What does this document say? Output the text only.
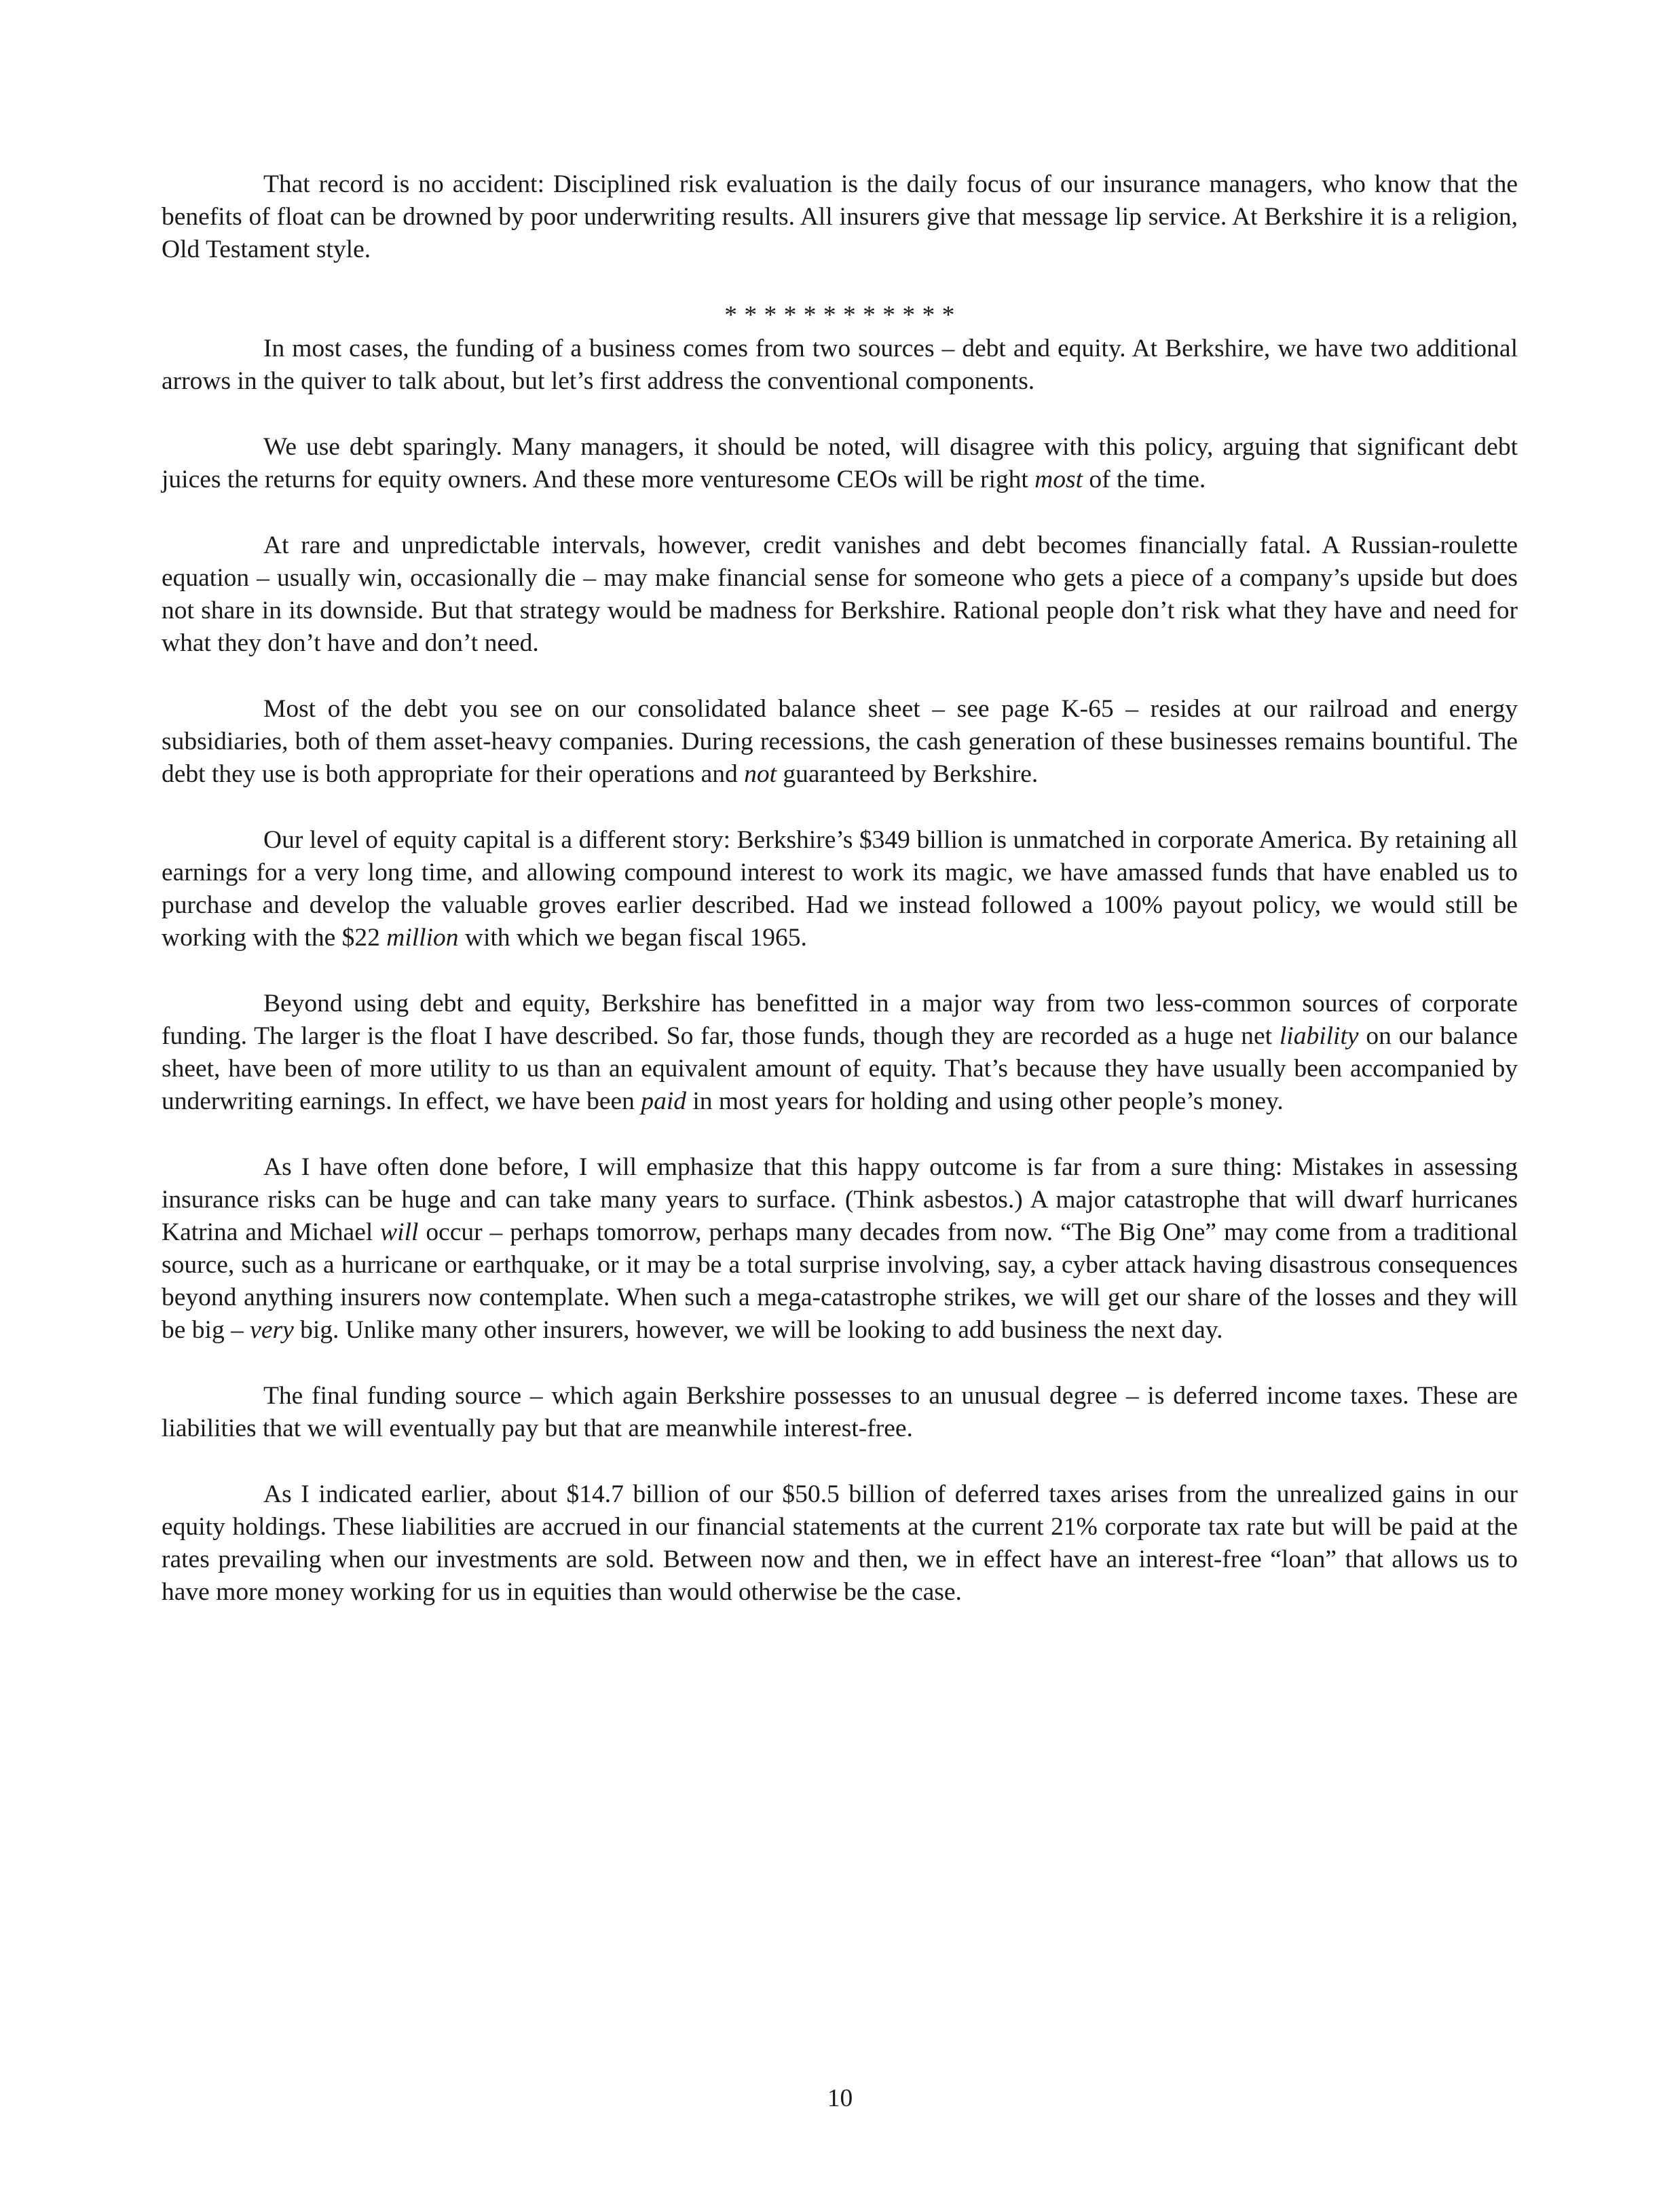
That record is no accident: Disciplined risk evaluation is the daily focus of our insurance managers, who know that the benefits of float can be drowned by poor underwriting results. All insurers give that message lip service. At Berkshire it is a religion, Old Testament style.

* * * * * * * * * * * *

In most cases, the funding of a business comes from two sources – debt and equity. At Berkshire, we have two additional arrows in the quiver to talk about, but let’s first address the conventional components.

We use debt sparingly. Many managers, it should be noted, will disagree with this policy, arguing that significant debt juices the returns for equity owners. And these more venturesome CEOs will be right most of the time.

At rare and unpredictable intervals, however, credit vanishes and debt becomes financially fatal. A Russian-roulette equation – usually win, occasionally die – may make financial sense for someone who gets a piece of a company’s upside but does not share in its downside. But that strategy would be madness for Berkshire. Rational people don’t risk what they have and need for what they don’t have and don’t need.

Most of the debt you see on our consolidated balance sheet – see page K-65 – resides at our railroad and energy subsidiaries, both of them asset-heavy companies. During recessions, the cash generation of these businesses remains bountiful. The debt they use is both appropriate for their operations and not guaranteed by Berkshire.

Our level of equity capital is a different story: Berkshire’s $349 billion is unmatched in corporate America. By retaining all earnings for a very long time, and allowing compound interest to work its magic, we have amassed funds that have enabled us to purchase and develop the valuable groves earlier described. Had we instead followed a 100% payout policy, we would still be working with the $22 million with which we began fiscal 1965.

Beyond using debt and equity, Berkshire has benefitted in a major way from two less-common sources of corporate funding. The larger is the float I have described. So far, those funds, though they are recorded as a huge net liability on our balance sheet, have been of more utility to us than an equivalent amount of equity. That’s because they have usually been accompanied by underwriting earnings. In effect, we have been paid in most years for holding and using other people’s money.

As I have often done before, I will emphasize that this happy outcome is far from a sure thing: Mistakes in assessing insurance risks can be huge and can take many years to surface. (Think asbestos.) A major catastrophe that will dwarf hurricanes Katrina and Michael will occur – perhaps tomorrow, perhaps many decades from now. “The Big One” may come from a traditional source, such as a hurricane or earthquake, or it may be a total surprise involving, say, a cyber attack having disastrous consequences beyond anything insurers now contemplate. When such a mega-catastrophe strikes, we will get our share of the losses and they will be big – very big. Unlike many other insurers, however, we will be looking to add business the next day.

The final funding source – which again Berkshire possesses to an unusual degree – is deferred income taxes. These are liabilities that we will eventually pay but that are meanwhile interest-free.

As I indicated earlier, about $14.7 billion of our $50.5 billion of deferred taxes arises from the unrealized gains in our equity holdings. These liabilities are accrued in our financial statements at the current 21% corporate tax rate but will be paid at the rates prevailing when our investments are sold. Between now and then, we in effect have an interest-free “loan” that allows us to have more money working for us in equities than would otherwise be the case.

10
